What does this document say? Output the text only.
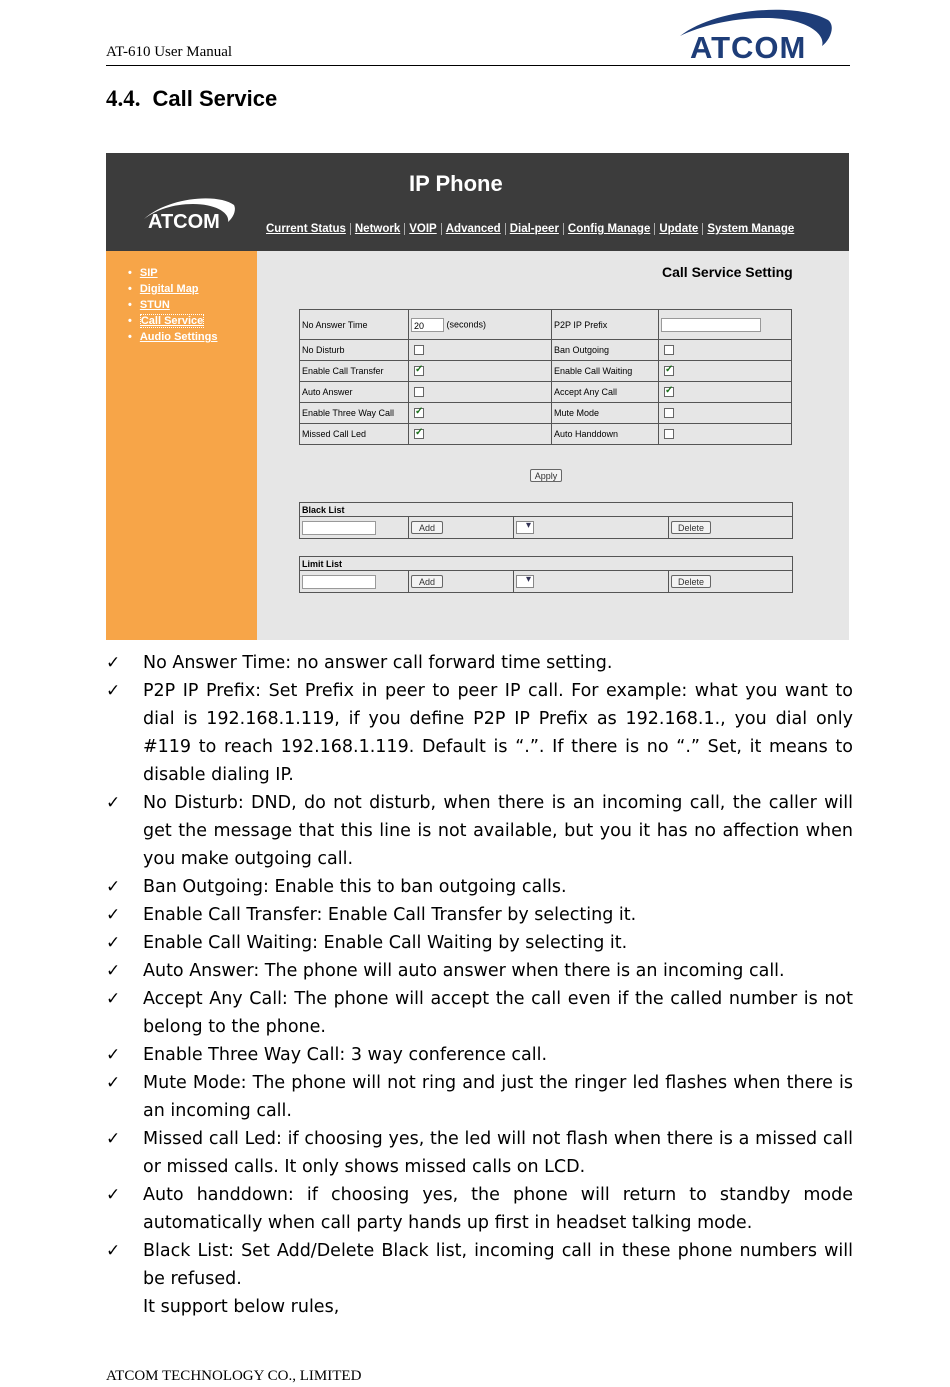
AT-610 User Manual	ATCOM
4.4. Call Service
ATCOM
IP Phone
Current Status Network VOIP Advanced Dial-peer Config Manage Update System Manage
• SIP
• Digital Map
• STUN
• Call Service
• Audio Settings
Call Service Setting
No Answer Time	20 (seconds)	P2P IP Prefix	
No Disturb		Ban Outgoing	
Enable Call Transfer	✓	Enable Call Waiting	✓
Auto Answer		Accept Any Call	✓
Enable Three Way Call	✓	Mute Mode	
Missed Call Led	✓	Auto Handdown	
Apply
Black List
	Add	▾	Delete
Limit List
	Add	▾	Delete
✓ No Answer Time: no answer call forward time setting.
✓ P2P IP Prefix: Set Prefix in peer to peer IP call. For example: what you want to dial is 192.168.1.119, if you define P2P IP Prefix as 192.168.1., you dial only #119 to reach 192.168.1.119. Default is “.”. If there is no “.” Set, it means to disable dialing IP.
✓ No Disturb: DND, do not disturb, when there is an incoming call, the caller will get the message that this line is not available, but you it has no affection when you make outgoing call.
✓ Ban Outgoing: Enable this to ban outgoing calls.
✓ Enable Call Transfer: Enable Call Transfer by selecting it.
✓ Enable Call Waiting: Enable Call Waiting by selecting it.
✓ Auto Answer: The phone will auto answer when there is an incoming call.
✓ Accept Any Call: The phone will accept the call even if the called number is not belong to the phone.
✓ Enable Three Way Call: 3 way conference call.
✓ Mute Mode: The phone will not ring and just the ringer led flashes when there is an incoming call.
✓ Missed call Led: if choosing yes, the led will not flash when there is a missed call or missed calls. It only shows missed calls on LCD.
✓ Auto handdown: if choosing yes, the phone will return to standby mode automatically when call party hands up first in headset talking mode.
✓ Black List: Set Add/Delete Black list, incoming call in these phone numbers will be refused.
It support below rules,
ATCOM TECHNOLOGY CO., LIMITED
